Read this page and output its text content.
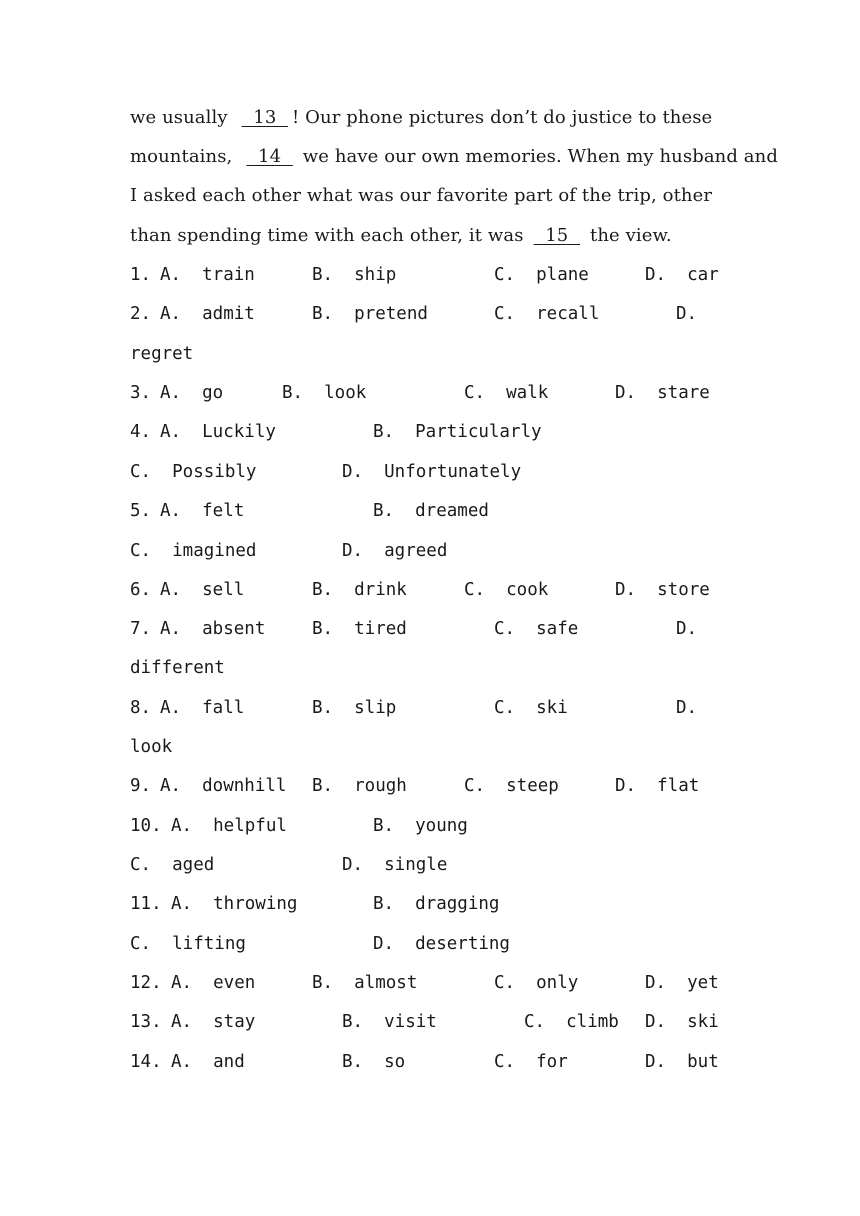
we usually  13  ! Our phone pictures don’t do justice to these
mountains,  14  we have our own memories. When my husband and
I asked each other what was our favorite part of the trip, other
than spending time with each other, it was  15  the view.
1. A.  train	B.  ship	C.  plane	D.  car
2. A.  admit	B.  pretend	C.  recall	D.
regret
3. A.  go	B.  look	C.  walk	D.  stare
4. A.  Luckily	B.  Particularly
C.  Possibly	D.  Unfortunately
5. A.  felt	B.  dreamed
C.  imagined	D.  agreed
6. A.  sell	B.  drink	C.  cook	D.  store
7. A.  absent	B.  tired	C.  safe	D.
different
8. A.  fall	B.  slip	C.  ski	D.
look
9. A.  downhill B.  rough	C.  steep	D.  flat
10. A.  helpful	B.  young
C.  aged	D.  single
11. A.  throwing	B.  dragging
C.  lifting	D.  deserting
12. A.  even	B.  almost	C.  only	D.  yet
13. A.  stay	B.  visit	C.  climb D.  ski
14. A.  and	B.  so	C.  for	D.  but
